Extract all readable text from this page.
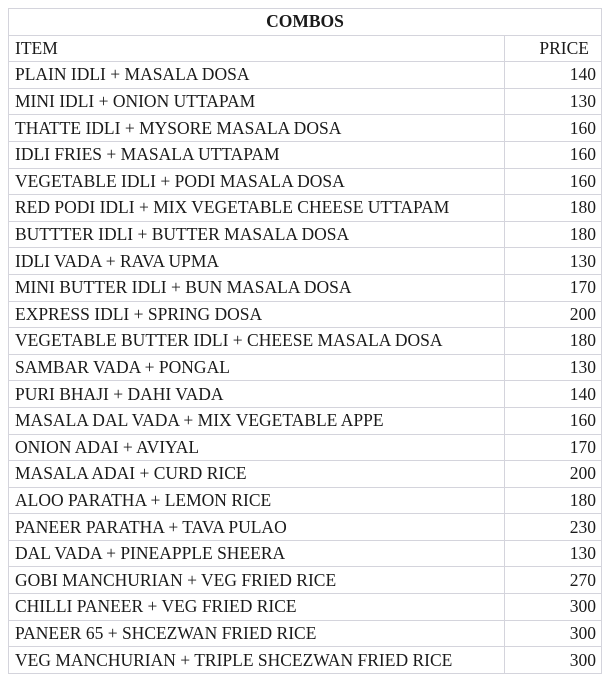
COMBOS	
ITEM	PRICE
PLAIN IDLI + MASALA DOSA	140
MINI IDLI + ONION UTTAPAM	130
THATTE IDLI + MYSORE MASALA DOSA	160
IDLI FRIES + MASALA UTTAPAM	160
VEGETABLE IDLI + PODI MASALA DOSA	160
RED PODI IDLI + MIX VEGETABLE CHEESE UTTAPAM	180
BUTTTER IDLI + BUTTER MASALA DOSA	180
IDLI VADA + RAVA UPMA	130
MINI BUTTER IDLI + BUN MASALA DOSA	170
EXPRESS IDLI + SPRING DOSA	200
VEGETABLE BUTTER IDLI + CHEESE MASALA DOSA	180
SAMBAR VADA + PONGAL	130
PURI BHAJI + DAHI VADA	140
MASALA DAL VADA + MIX VEGETABLE APPE	160
ONION ADAI + AVIYAL	170
MASALA ADAI + CURD RICE	200
ALOO PARATHA + LEMON RICE	180
PANEER PARATHA + TAVA PULAO	230
DAL VADA + PINEAPPLE SHEERA	130
GOBI MANCHURIAN + VEG FRIED RICE	270
CHILLI PANEER + VEG FRIED RICE	300
PANEER 65 + SHCEZWAN FRIED RICE	300
VEG MANCHURIAN + TRIPLE SHCEZWAN FRIED RICE	300
